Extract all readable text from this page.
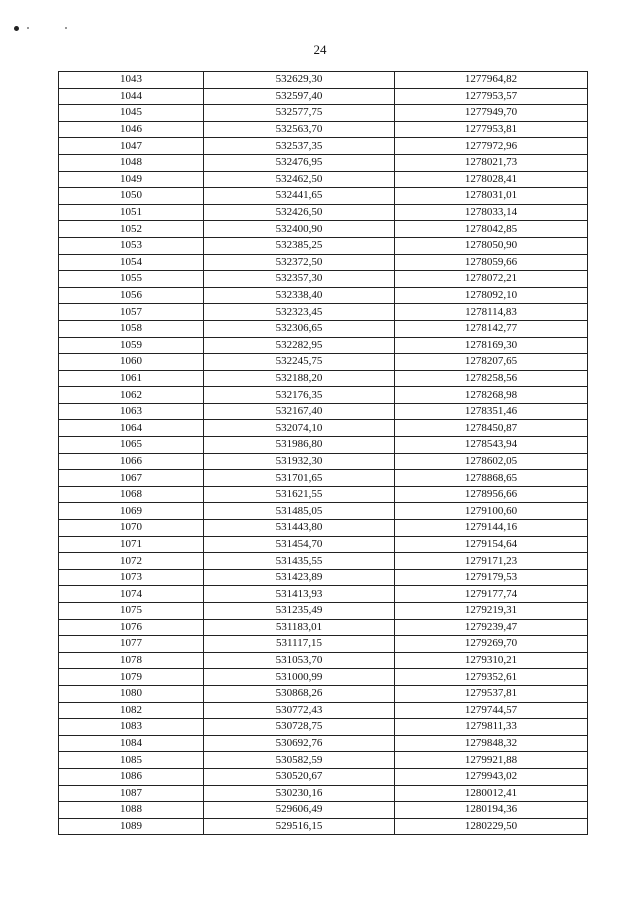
24
1043	532629,30	1277964,82
1044	532597,40	1277953,57
1045	532577,75	1277949,70
1046	532563,70	1277953,81
1047	532537,35	1277972,96
1048	532476,95	1278021,73
1049	532462,50	1278028,41
1050	532441,65	1278031,01
1051	532426,50	1278033,14
1052	532400,90	1278042,85
1053	532385,25	1278050,90
1054	532372,50	1278059,66
1055	532357,30	1278072,21
1056	532338,40	1278092,10
1057	532323,45	1278114,83
1058	532306,65	1278142,77
1059	532282,95	1278169,30
1060	532245,75	1278207,65
1061	532188,20	1278258,56
1062	532176,35	1278268,98
1063	532167,40	1278351,46
1064	532074,10	1278450,87
1065	531986,80	1278543,94
1066	531932,30	1278602,05
1067	531701,65	1278868,65
1068	531621,55	1278956,66
1069	531485,05	1279100,60
1070	531443,80	1279144,16
1071	531454,70	1279154,64
1072	531435,55	1279171,23
1073	531423,89	1279179,53
1074	531413,93	1279177,74
1075	531235,49	1279219,31
1076	531183,01	1279239,47
1077	531117,15	1279269,70
1078	531053,70	1279310,21
1079	531000,99	1279352,61
1080	530868,26	1279537,81
1082	530772,43	1279744,57
1083	530728,75	1279811,33
1084	530692,76	1279848,32
1085	530582,59	1279921,88
1086	530520,67	1279943,02
1087	530230,16	1280012,41
1088	529606,49	1280194,36
1089	529516,15	1280229,50
